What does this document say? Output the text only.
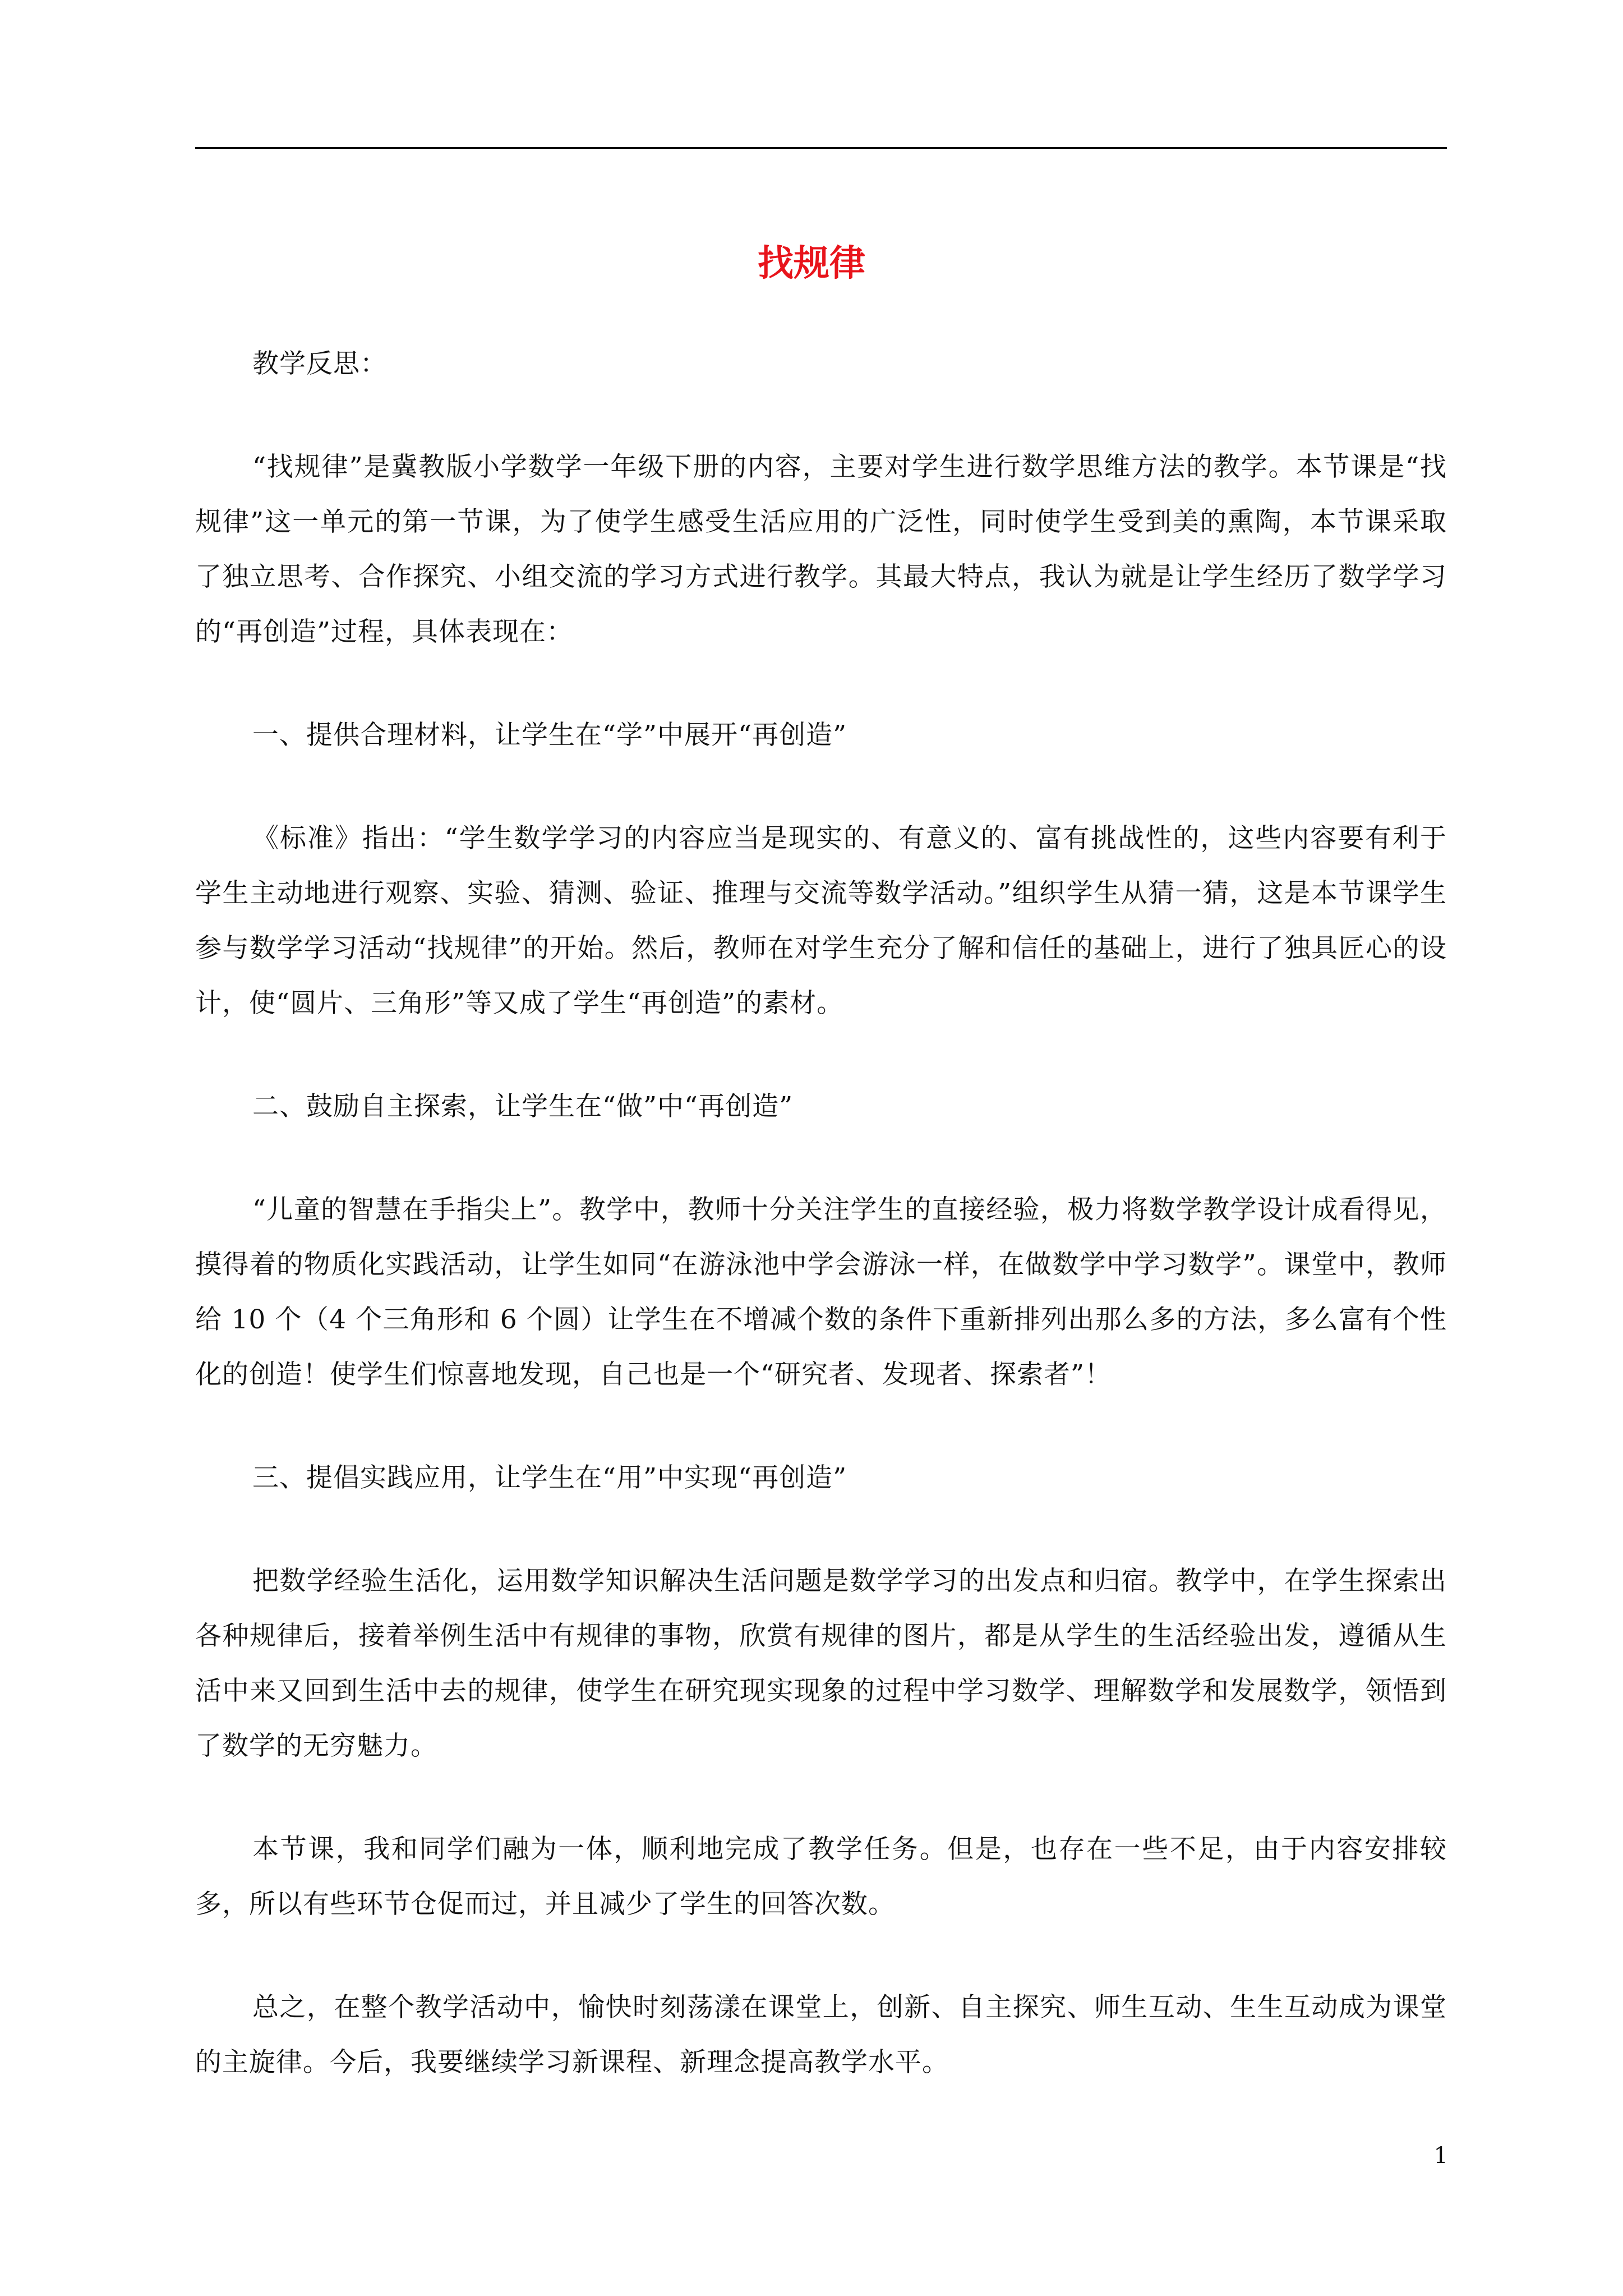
找规律

教学反思：

“找规律”是冀教版小学数学一年级下册的内容，主要对学生进行数学思维方法的教学。本节课是“找规律”这一单元的第一节课，为了使学生感受生活应用的广泛性，同时使学生受到美的熏陶，本节课采取了独立思考、合作探究、小组交流的学习方式进行教学。其最大特点，我认为就是让学生经历了数学学习的“再创造”过程，具体表现在：

一、提供合理材料，让学生在“学”中展开“再创造”

《标准》指出：“学生数学学习的内容应当是现实的、有意义的、富有挑战性的，这些内容要有利于学生主动地进行观察、实验、猜测、验证、推理与交流等数学活动。”组织学生从猜一猜，这是本节课学生参与数学学习活动“找规律”的开始。然后，教师在对学生充分了解和信任的基础上，进行了独具匠心的设计，使“圆片、三角形”等又成了学生“再创造”的素材。

二、鼓励自主探索，让学生在“做”中“再创造”

“儿童的智慧在手指尖上”。教学中，教师十分关注学生的直接经验，极力将数学教学设计成看得见，摸得着的物质化实践活动，让学生如同“在游泳池中学会游泳一样，在做数学中学习数学”。课堂中，教师给 10 个（4 个三角形和 6 个圆）让学生在不增减个数的条件下重新排列出那么多的方法，多么富有个性化的创造！使学生们惊喜地发现，自己也是一个“研究者、发现者、探索者”！

三、提倡实践应用，让学生在“用”中实现“再创造”

把数学经验生活化，运用数学知识解决生活问题是数学学习的出发点和归宿。教学中，在学生探索出各种规律后，接着举例生活中有规律的事物，欣赏有规律的图片，都是从学生的生活经验出发，遵循从生活中来又回到生活中去的规律，使学生在研究现实现象的过程中学习数学、理解数学和发展数学，领悟到了数学的无穷魅力。

本节课，我和同学们融为一体，顺利地完成了教学任务。但是，也存在一些不足，由于内容安排较多，所以有些环节仓促而过，并且减少了学生的回答次数。

总之，在整个教学活动中，愉快时刻荡漾在课堂上，创新、自主探究、师生互动、生生互动成为课堂的主旋律。今后，我要继续学习新课程、新理念提高教学水平。

1
